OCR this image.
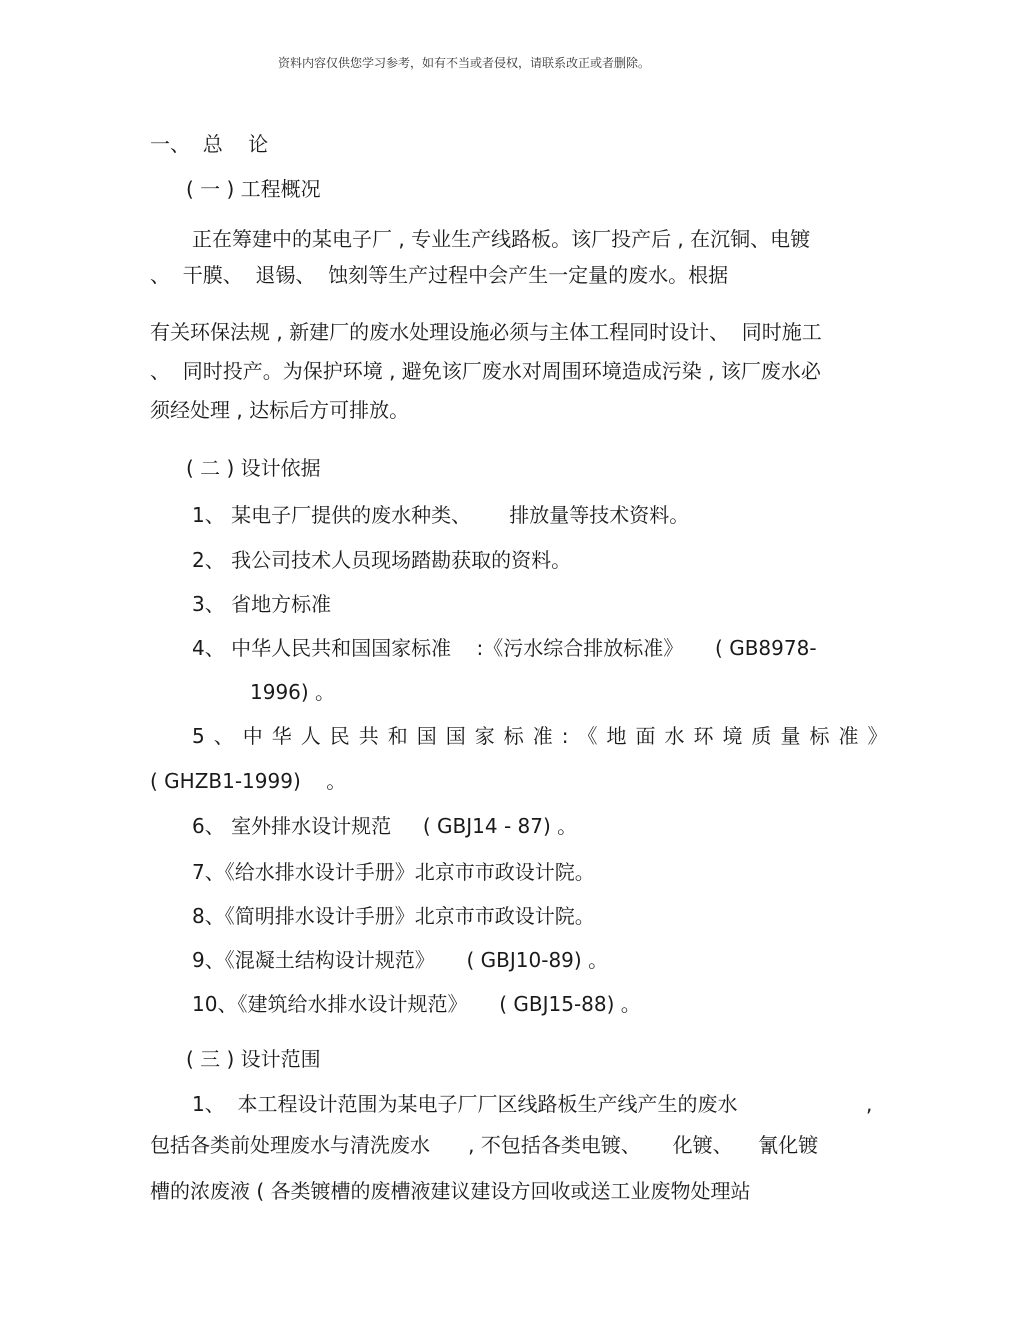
资料内容仅供您学习参考，如有不当或者侵权，请联系改正或者删除。

一、  总    论

( 一 ) 工程概况

正在筹建中的某电子厂 , 专业生产线路板。该厂投产后 , 在沉铜、电镀

、  干膜、  退锡、  蚀刻等生产过程中会产生一定量的废水。根据

有关环保法规 , 新建厂的废水处理设施必须与主体工程同时设计、  同时施工

、  同时投产。为保护环境 , 避免该厂废水对周围环境造成污染 , 该厂废水必

须经处理 , 达标后方可排放。

( 二 ) 设计依据

1、 某电子厂提供的废水种类、      排放量等技术资料。

2、 我公司技术人员现场踏勘获取的资料。

3、 省地方标准

4、 中华人民共和国国家标准    :《污水综合排放标准》     ( GB8978-

1996) 。

5、中华人民共和国国家标准:《地面水环境质量标准》

( GHZB1-1999)    。

6、 室外排水设计规范     ( GBJ14 - 87) 。

7、《给水排水设计手册》北京市市政设计院。

8、《简明排水设计手册》北京市市政设计院。

9、《混凝土结构设计规范》     ( GBJ10-89) 。

10、《建筑给水排水设计规范》     ( GBJ15-88) 。

( 三 ) 设计范围

1、  本工程设计范围为某电子厂厂区线路板生产线产生的废水	,

包括各类前处理废水与清洗废水      , 不包括各类电镀、     化镀、    氰化镀

槽的浓废液 ( 各类镀槽的废槽液建议建设方回收或送工业废物处理站
